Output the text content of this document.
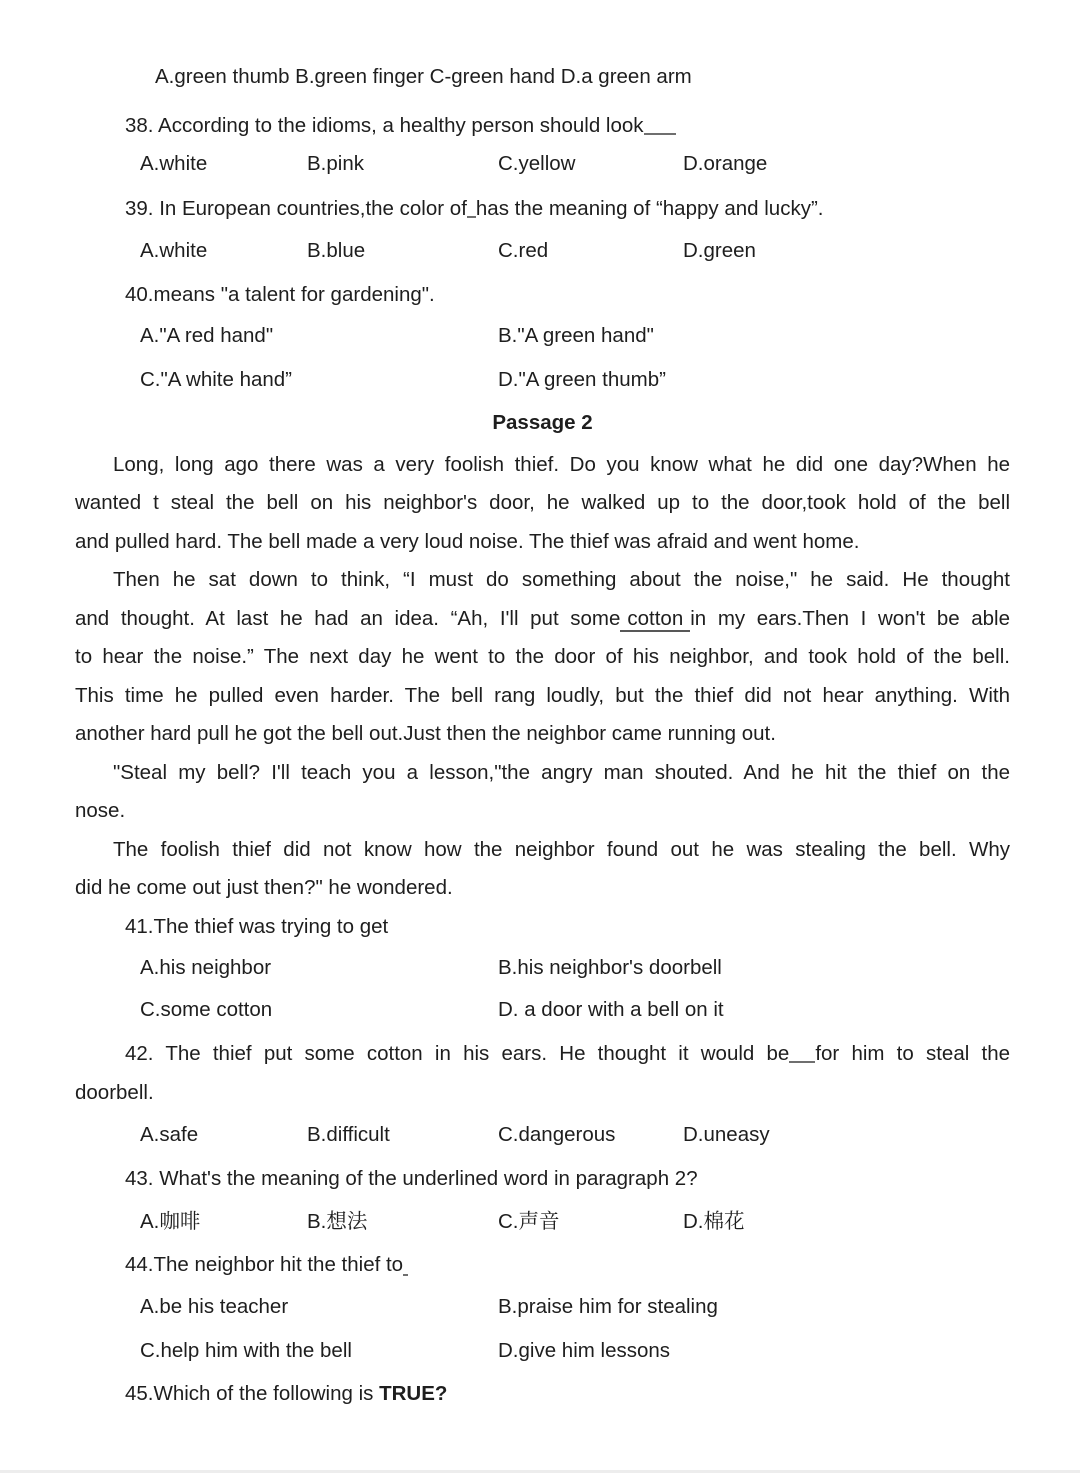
A.green thumb B.green finger C-green hand D.a green arm
38. According to the idioms, a healthy person should look
A.white	B.pink	C.yellow	D.orange
39. In European countries,the color of has the meaning of “happy and lucky”.
A.white	B.blue	C.red	D.green
40.means "a talent for gardening".
A."A red hand"	B."A green hand"
C."A white hand”	D."A green thumb”
Passage 2
Long, long ago there was a very foolish thief. Do you know what he did one day?When he
wanted t steal the bell on his neighbor's door, he walked up to the door,took hold of the bell
and pulled hard. The bell made a very loud noise. The thief was afraid and went home.
Then he sat down to think, “I must do something about the noise," he said. He thought
and thought. At last he had an idea. “Ah, I'll put some cotton in my ears.Then I won't be able
to hear the noise.” The next day he went to the door of his neighbor, and took hold of the bell.
This time he pulled even harder. The bell rang loudly, but the thief did not hear anything. With
another hard pull he got the bell out.Just then the neighbor came running out.
"Steal my bell? I'll teach you a lesson,"the angry man shouted. And he hit the thief on the
nose.
The foolish thief did not know how the neighbor found out he was stealing the bell. Why
did he come out just then?" he wondered.
41.The thief was trying to get
A.his neighbor	B.his neighbor's doorbell
C.some cotton	D. a door with a bell on it
42. The thief put some cotton in his ears. He thought it would be for him to steal the
doorbell.
A.safe	B.difficult	C.dangerous	D.uneasy
43. What's the meaning of the underlined word in paragraph 2?
A.咖啡	B.想法	C.声音	D.棉花
44.The neighbor hit the thief to
A.be his teacher	B.praise him for stealing
C.help him with the bell	D.give him lessons
45.Which of the following is TRUE?
